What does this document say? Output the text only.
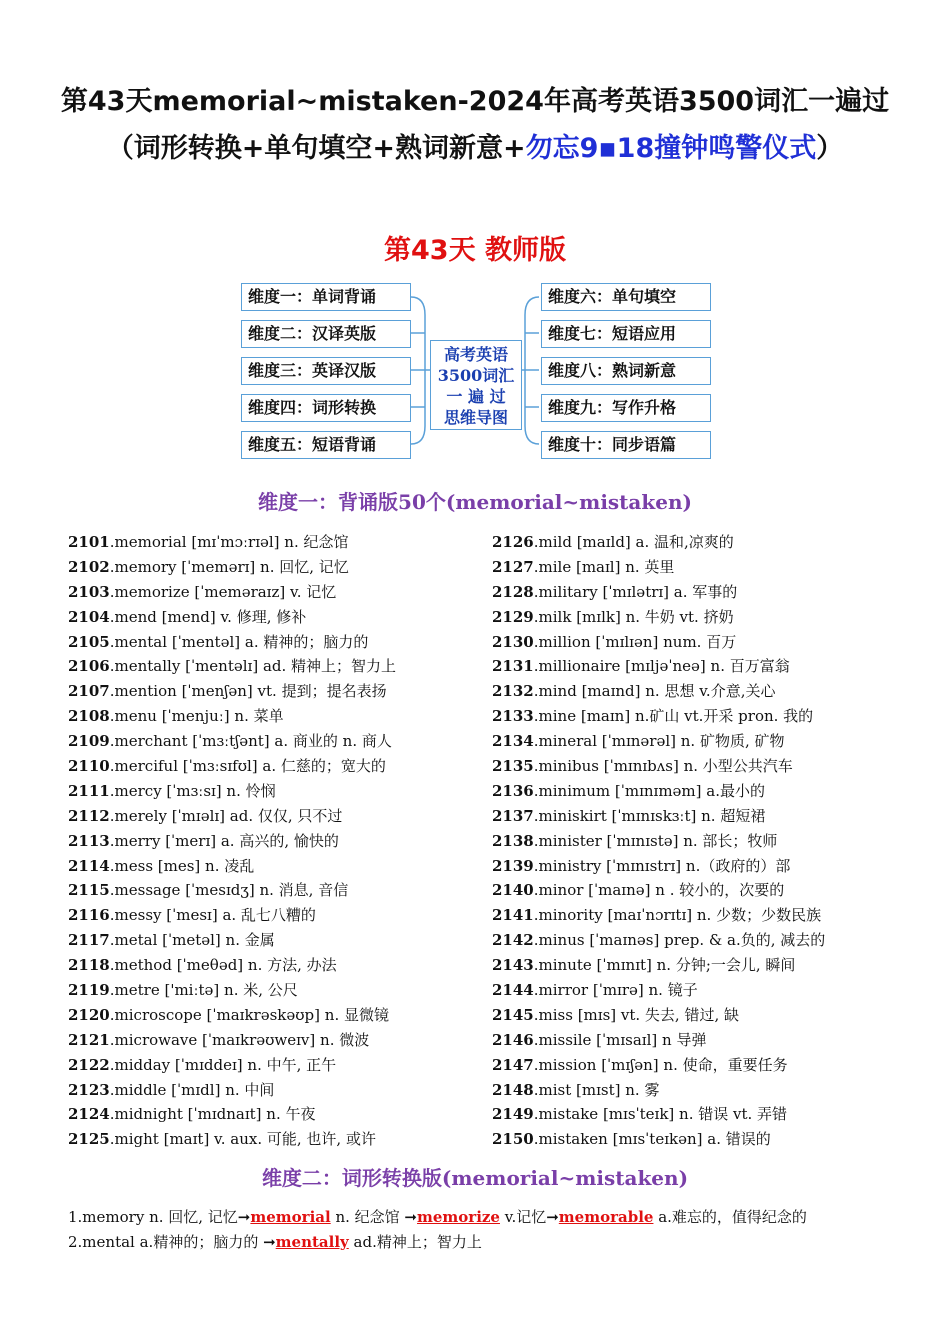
第43天memorial~mistaken-2024年高考英语3500词汇一遍过（词形转换+单句填空+熟词新意+勿忘9▪18撞钟鸣警仪式）
第43天 教师版
维度一：单词背诵
维度二：汉译英版
维度三：英译汉版
维度四：词形转换
维度五：短语背诵
维度六：单句填空
维度七：短语应用
维度八：熟词新意
维度九：写作升格
维度十：同步语篇
高考英语
3500词汇
一 遍 过
思维导图
维度一：背诵版50个(memorial~mistaken)
2101.memorial [mɪˈmɔːrɪəl] n. 纪念馆
2102.memory [ˈmemərɪ] n. 回忆, 记忆
2103.memorize [ˈmeməraɪz] v. 记忆
2104.mend [mend] v. 修理, 修补
2105.mental [ˈmentəl] a. 精神的；脑力的
2106.mentally [ˈmentəlɪ] ad. 精神上；智力上
2107.mention [ˈmenʃən] vt. 提到；提名表扬
2108.menu [ˈmenjuː] n. 菜单
2109.merchant [ˈmɜːtʃənt] a. 商业的 n. 商人
2110.merciful [ˈmɜːsɪfʊl] a. 仁慈的；宽大的
2111.mercy [ˈmɜːsɪ] n. 怜悯
2112.merely [ˈmɪəlɪ] ad. 仅仅, 只不过
2113.merry [ˈmerɪ] a. 高兴的, 愉快的
2114.mess [mes] n. 凌乱
2115.message [ˈmesɪdʒ] n. 消息, 音信
2116.messy [ˈmesɪ] a. 乱七八糟的
2117.metal [ˈmetəl] n. 金属
2118.method [ˈmeθəd] n. 方法, 办法
2119.metre ['miːtə] n. 米, 公尺
2120.microscope [ˈmaɪkrəskəʊp] n. 显微镜
2121.microwave [ˈmaɪkrəʊweɪv] n. 微波
2122.midday [ˈmɪddeɪ] n. 中午, 正午
2123.middle [ˈmɪdl] n. 中间
2124.midnight [ˈmɪdnaɪt] n. 午夜
2125.might [maɪt] v. aux. 可能, 也许, 或许
2126.mild [maɪld] a. 温和,凉爽的
2127.mile [maɪl] n. 英里
2128.military [ˈmɪlətrɪ] a. 军事的
2129.milk [mɪlk] n. 牛奶 vt. 挤奶
2130.million [ˈmɪlɪən] num. 百万
2131.millionaire [mɪljəˈneə] n. 百万富翁
2132.mind [maɪnd] n. 思想 v.介意,关心
2133.mine [maɪn] n.矿山 vt.开采 pron. 我的
2134.mineral [ˈmɪnərəl] n. 矿物质, 矿物
2135.minibus [ˈmɪnɪbʌs] n. 小型公共汽车
2136.minimum [ˈmɪnɪməm] a.最小的
2137.miniskirt [ˈmɪnɪskɜːt] n. 超短裙
2138.minister [ˈmɪnɪstə] n. 部长；牧师
2139.ministry [ˈmɪnɪstrɪ] n.（政府的）部
2140.minor [ˈmaɪnə] n . 较小的，次要的
2141.minority [maɪˈnɔrɪtɪ] n. 少数；少数民族
2142.minus [ˈmaɪnəs] prep. & a.负的, 减去的
2143.minute [ˈmɪnɪt] n. 分钟;一会儿, 瞬间
2144.mirror [ˈmɪrə] n. 镜子
2145.miss [mɪs] vt. 失去, 错过, 缺
2146.missile [ˈmɪsaɪl] n 导弹
2147.mission [ˈmɪʃən] n. 使命，重要任务
2148.mist [mɪst] n. 雾
2149.mistake [mɪsˈteɪk] n. 错误 vt. 弄错
2150.mistaken [mɪsˈteɪkən] a. 错误的
维度二：词形转换版(memorial~mistaken)
1.memory n. 回忆, 记忆➞memorial n. 纪念馆 ➞memorize v.记忆➞memorable a.难忘的，值得纪念的
2.mental a.精神的；脑力的 ➞mentally ad.精神上；智力上
